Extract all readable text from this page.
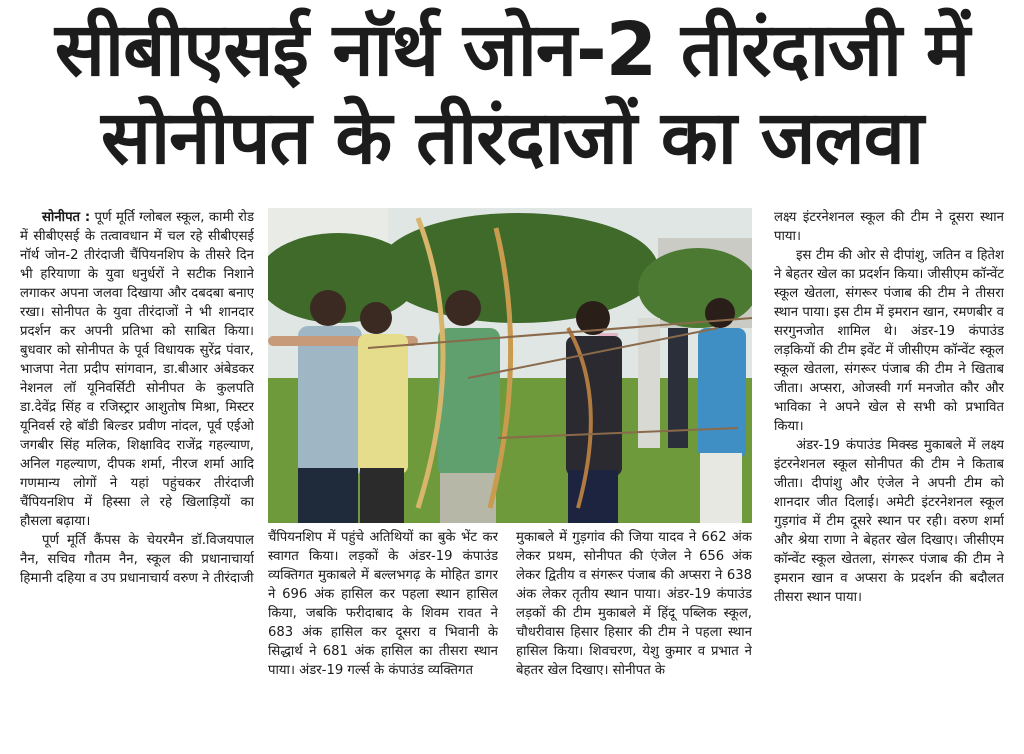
सीबीएसई नॉर्थ जोन-2 तीरंदाजी में
सोनीपत के तीरंदाजों का जलवा

सोनीपत : पूर्ण मूर्ति ग्लोबल स्कूल, कामी रोड में सीबीएसई के तत्वावधान में चल रहे सीबीएसई नॉर्थ जोन-2 तीरंदाजी चैंपियनशिप के तीसरे दिन भी हरियाणा के युवा धनुर्धरों ने सटीक निशाने लगाकर अपना जलवा दिखाया और दबदबा बनाए रखा। सोनीपत के युवा तीरंदाजों ने भी शानदार प्रदर्शन कर अपनी प्रतिभा को साबित किया। बुधवार को सोनीपत के पूर्व विधायक सुरेंद्र पंवार, भाजपा नेता प्रदीप सांगवान, डा.बीआर अंबेडकर नेशनल लॉ यूनिवर्सिटी सोनीपत के कुलपति डा.देवेंद्र सिंह व रजिस्ट्रार आशुतोष मिश्रा, मिस्टर यूनिवर्स रहे बॉडी बिल्डर प्रवीण नांदल, पूर्व एईओ जगबीर सिंह मलिक, शिक्षाविद राजेंद्र गहल्याण, अनिल गहल्याण, दीपक शर्मा, नीरज शर्मा आदि गणमान्य लोगों ने यहां पहुंचकर तीरंदाजी चैंपियनशिप में हिस्सा ले रहे खिलाड़ियों का हौसला बढ़ाया।

पूर्ण मूर्ति कैंपस के चेयरमैन डॉ.विजयपाल नैन, सचिव गौतम नैन, स्कूल की प्रधानाचार्या हिमानी दहिया व उप प्रधानाचार्य वरुण ने तीरंदाजी

चैंपियनशिप में पहुंचे अतिथियों का बुके भेंट कर स्वागत किया। लड़कों के अंडर-19 कंपाउंड व्यक्तिगत मुकाबले में बल्लभगढ़ के मोहित डागर ने 696 अंक हासिल कर पहला स्थान हासिल किया, जबकि फरीदाबाद के शिवम रावत ने 683 अंक हासिल कर दूसरा व भिवानी के सिद्धार्थ ने 681 अंक हासिल का तीसरा स्थान पाया। अंडर-19 गर्ल्स के कंपाउंड व्यक्तिगत

मुकाबले में गुड़गांव की जिया यादव ने 662 अंक लेकर प्रथम, सोनीपत की एंजेल ने 656 अंक लेकर द्वितीय व संगरूर पंजाब की अप्सरा ने 638 अंक लेकर तृतीय स्थान पाया। अंडर-19 कंपाउंड लड़कों की टीम मुकाबले में हिंदू पब्लिक स्कूल, चौधरीवास हिसार हिसार की टीम ने पहला स्थान हासिल किया। शिवचरण, येशु कुमार व प्रभात ने बेहतर खेल दिखाए। सोनीपत के

लक्ष्य इंटरनेशनल स्कूल की टीम ने दूसरा स्थान पाया।

इस टीम की ओर से दीपांशु, जतिन व हितेश ने बेहतर खेल का प्रदर्शन किया। जीसीएम कॉन्वेंट स्कूल खेतला, संगरूर पंजाब की टीम ने तीसरा स्थान पाया। इस टीम में इमरान खान, रमणबीर व सरगुनजोत शामिल थे। अंडर-19 कंपाउंड लड़कियों की टीम इवेंट में जीसीएम कॉन्वेंट स्कूल स्कूल खेतला, संगरूर पंजाब की टीम ने खिताब जीता। अप्सरा, ओजस्वी गर्ग मनजोत कौर और भाविका ने अपने खेल से सभी को प्रभावित किया।

अंडर-19 कंपाउंड मिक्स्ड मुकाबले में लक्ष्य इंटरनेशनल स्कूल सोनीपत की टीम ने किताब जीता। दीपांशु और एंजेल ने अपनी टीम को शानदार जीत दिलाई। अमेटी इंटरनेशनल स्कूल गुड़गांव में टीम दूसरे स्थान पर रही। वरुण शर्मा और श्रेया राणा ने बेहतर खेल दिखाए। जीसीएम कॉन्वेंट स्कूल खेतला, संगरूर पंजाब की टीम ने इमरान खान व अप्सरा के प्रदर्शन की बदौलत तीसरा स्थान पाया।
